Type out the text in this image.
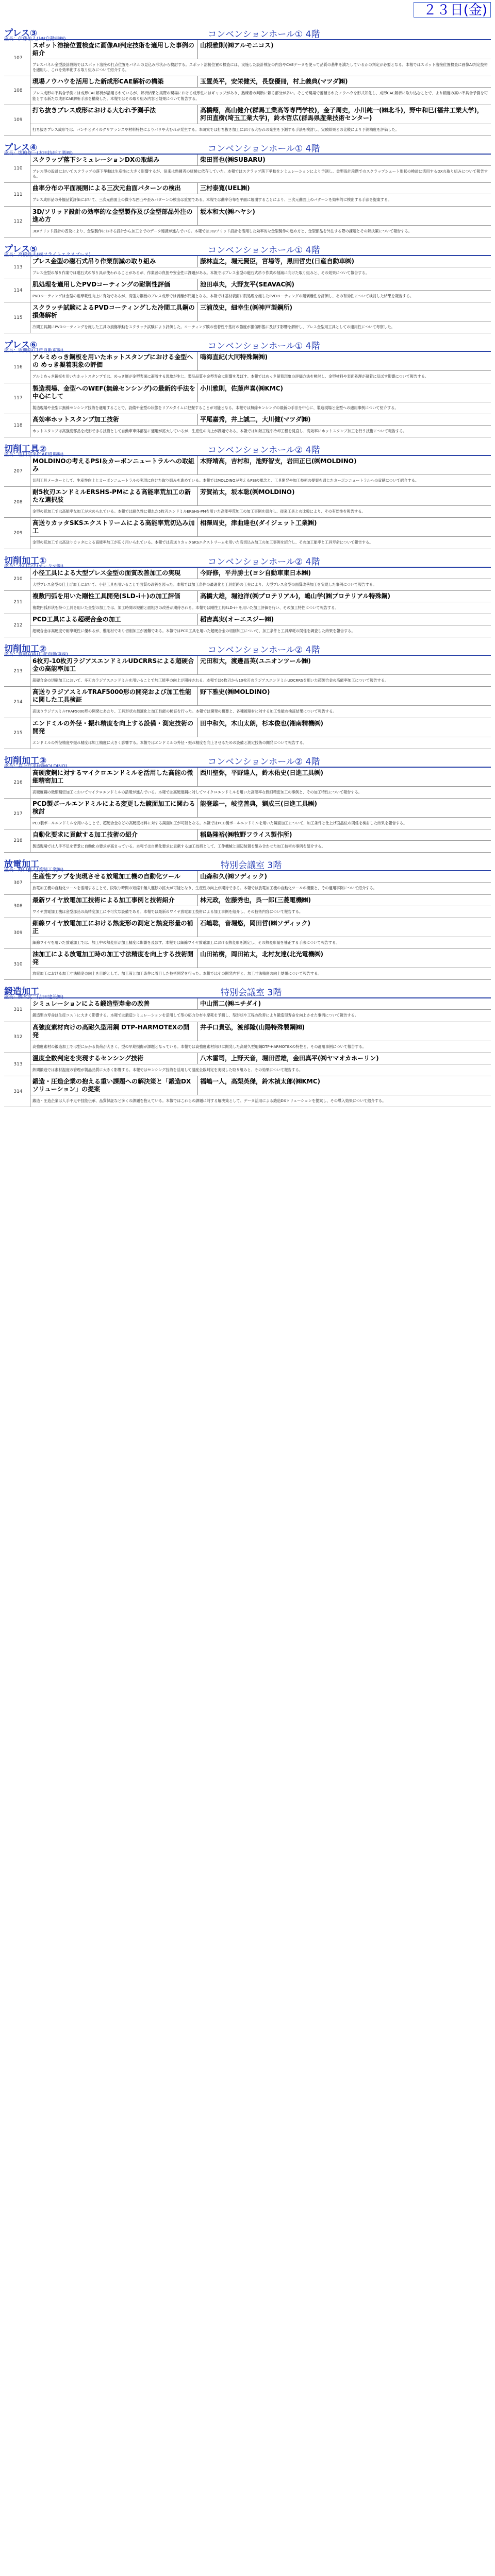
２３日(金)
プレス③
座長：伊藤佑人(ﾄﾖﾀ自動車㈱)	コンベンションホール① 4階
107
スポット溶接位置検査に画像AI判定技術を適用した事例の紹介
山根雅則(㈱アルモニコス)
プレスパネル金型設計段階ではスポット溶接の打点位置をパネルの見込み形状から検討する。スポット溶接位置の検査には、実施した設計検証の内容やCAEデータを使って品質の基準を満たしているかの判定が必要となる。本報ではスポット溶接位置検査に画像AI判定技術を適用し、これを効率化する取り組みについて紹介する。
108
現場ノウハウを活用した新成形CAE解析の構築	玉置英平，安栄健天，長登優冊，村上義典(マツダ㈱)
プレス成形の不具合予測には成形CAE解析が活用されているが、解析結果と実際の現場における成形性にはギャップがあり、熟練者の判断に頼る部分が多い。そこで現場で蓄積されたノウハウを形式知化し、成形CAE解析に取り込むことで、より精度の高い不具合予測を可能とする新たな成形CAE解析手法を構築した。本報ではその取り組み内容と効果について報告する。
109
打ち抜きプレス成形における大むれ予測手法	高橋翔，高山健介(群馬工業高等専門学校)，金子周史，小川純一(㈱北斗)，野中和巳(福井工業大学)，河田直樹(埼玉工業大学)，鈴木哲広(群馬県産業技術センター)
打ち抜きプレス成形では、パンチとダイのクリアランスや材料特性によりバリや大むれが発生する。本研究では打ち抜き加工における大むれの発生を予測する手法を検討し、実験結果との比較により予測精度を評価した。
プレス④
座長：塩飽修一(本田技研工業㈱)	コンベンションホール① 4階
110
スクラップ落下シミュレーションDXの取組み	柴田晋也(㈱SUBARU)
プレス型の設計においてスクラップの落下挙動は生産性に大きく影響するが、従来は熟練者の経験に依存していた。本報ではスクラップ落下挙動をシミュレーションにより予測し、金型設計段階でのスクラップシュート形状の検討に活用するDXの取り組みについて報告する。
111
曲率分布の平面展開による三次元曲面パターンの検出	三村泰寛(UEL㈱)
プレス成形品の外観品質評価において、三次元曲面上の微小な凹凸や歪みパターンの検出は重要である。本報では曲率分布を平面に展開することにより、三次元曲面上のパターンを効率的に検出する手法を提案する。
112
3D/ソリッド設計の効率的な金型製作及び金型部品外注の進め方
坂本和大(㈱ハヤシ)
3D/ソリッド設計の普及により、金型製作における設計から加工までのデータ連携が進んでいる。本報では3D/ソリッド設計を活用した効率的な金型製作の進め方と、金型部品を外注する際の課題とその解決策について報告する。
プレス⑤
座長：高橋鉄夫(㈱フライトエクスプレス)	コンベンションホール① 4階
113
プレス金型の磁石式吊り作業削減の取り組み	藤林直之，堀元賢臣，宮場等，黒田哲史(日産自動車㈱)
プレス金型の吊り作業では磁石式の吊り具が使われることがあるが、作業者の負担や安全性に課題がある。本報ではプレス金型の磁石式吊り作業の削減に向けた取り組みと、その効果について報告する。
114
肌処理を適用したPVDコーティングの耐剥性評価	池田卓夫，大野友平(SEAVAC㈱)
PVDコーティングは金型の耐摩耗性向上に有効であるが、高張力鋼板のプレス成形では剥離が問題となる。本報では基材表面に肌処理を施したPVDコーティングの耐剥離性を評価し、その有効性について検討した結果を報告する。
115
スクラッチ試験によるPVDコーティングした冷間工具鋼の損傷解析
三浦茂史，細幸生(㈱神戸製鋼所)
冷間工具鋼にPVDコーティングを施した工具の損傷挙動をスクラッチ試験により評価した。コーティング膜の密着性や基材の強度が損傷形態に及ぼす影響を解析し、プレス金型用工具としての適用性について考察した。
プレス⑥
座長：坂間皓(日産自動車㈱)	コンベンションホール① 4階
116
アルミめっき鋼板を用いたホットスタンプにおける金型への めっき凝着現象の評価
鳴海直紀(大同特殊鋼㈱)
アルミめっき鋼板を用いたホットスタンプでは、めっき層が金型表面に凝着する現象が生じ、製品品質や金型寿命に影響を及ぼす。本報ではめっき凝着現象の評価方法を検討し、金型材料や表面処理が凝着に及ぼす影響について報告する。
117
製造現場、金型へのWEF(無線センシング)の最新的手法を中心にして
小川雅則，佐藤声喜(㈱KMC)
製造現場や金型に無線センシング技術を適用することで、設備や金型の状態をリアルタイムに把握することが可能となる。本報では無線センシングの最新の手法を中心に、製造現場と金型への適用事例について紹介する。
118
高効率ホットスタンプ加工技術	平尾嘉秀，井上誠二，大川健(マツダ㈱)
ホットスタンプは高強度部品を成形できる技術として自動車車体部品に適用が拡大しているが、生産性の向上が課題である。本報では加熱工程や冷却工程を見直し、高効率にホットスタンプ加工を行う技術について報告する。
切削工具②
座長：塩田浩平(CAE道場㈱)	コンベンションホール② 4階
207
MOLDINOの考えるPSI＆カーボンニュートラルへの取組み
木野靖高，吉村和，池野智支，岩田正巳(㈱MOLDINO)
切削工具メーカーとして、生産性向上とカーボンニュートラルの実現に向けた取り組みを進めている。本報ではMOLDINOが考えるPSIの概念と、工具開発や加工技術の提案を通じたカーボンニュートラルへの貢献について紹介する。
208
耐5枚刃エンドミルERSHS-PMによる高能率荒加工の新たな選択肢
芳賀祐太，坂本聡(㈱MOLDINO)
金型の荒加工では高能率な加工が求められている。本報では耐久性に優れた5枚刃エンドミルERSHS-PMを用いた高能率荒加工の加工事例を紹介し、従来工具との比較により、その有効性を報告する。
209
高送りカッタSKSエクストリームによる高能率荒切込み加工
相澤周史，津曲達也(ダイジェット工業㈱)
金型の荒加工では高送りカッタによる高能率加工が広く用いられている。本報では高送りカッタSKSエクストリームを用いた高切込み加工の加工事例を紹介し、その加工能率と工具寿命について報告する。
切削加工①
座長：小川尚史(オークマ㈱)	コンベンションホール② 4階
210
小径工具による大型プレス金型の面質改善加工の実現	今野修，平井勝士(ヨシ自動車東日本㈱)
大型プレス金型の仕上げ加工において、小径工具を用いることで面質の改善を図った。本報では加工条件の最適化と工具経路の工夫により、大型プレス金型の面質改善加工を実現した事例について報告する。
211
複数円弧を用いた剛性工具開発(SLD-i＋)の加工評価	高橋大雄，堀池洋(㈱プロテリアル)，嶋山学(㈱プロテリアル特殊鋼)
複数円弧形状を持つ工具を用いた金型の加工では、加工時間の短縮と面粗さの改善が期待される。本報では剛性工具SLD-i＋を用いた加工評価を行い、その加工特性について報告する。
212
PCD工具による超硬合金の加工	稲吉真実(オーエスジー㈱)
超硬合金は高硬度で耐摩耗性に優れるが、難削材であり切削加工が困難である。本報ではPCD工具を用いた超硬合金の切削加工について、加工条件と工具摩耗の関係を調査した結果を報告する。
切削加工②
座長：豊嶋直樹(日産自動車㈱)	コンベンションホール② 4階
213
6枚刃-10枚刃ラジアスエンドミルUDCRRSによる超硬合金の高能率加工
元田和大，渡邊昌英(ユニオンツール㈱)
超硬合金の切削加工において、多刃のラジアスエンドミルを用いることで加工能率の向上が期待される。本報では6枚刃から10枚刃のラジアスエンドミルUDCRRSを用いた超硬合金の高能率加工について報告する。
214
高送りラジアスミルTRAF5000形の開発および加工性能に関した工具検証
野下雅史(㈱MOLDINO)
高送りラジアスミルTRAF5000形の開発にあたり、工具形状の最適化と加工性能の検証を行った。本報では開発の概要と、各種被削材に対する加工性能の検証結果について報告する。
215
エンドミルの外径・振れ精度を向上する設備・測定技術の開発
田中和矢，木山太朗，杉本俊也(湘南精機㈱)
エンドミルの外径精度や振れ精度は加工精度に大きく影響する。本報ではエンドミルの外径・振れ精度を向上させるための設備と測定技術の開発について報告する。
切削加工③
座長：井上洋平(㈱MOLDINO)	コンベンションホール② 4階
216
高硬度鋼に対するマイクロエンドミルを活用した高能の微細精密加工
西川聖弥，平野達人，鈴木佑史(日進工具㈱)
高硬度鋼の微細精密加工においてマイクロエンドミルの活用が進んでいる。本報では高硬度鋼に対してマイクロエンドミルを用いた高能率な微細精密加工の事例と、その加工特性について報告する。
217
PCD製ボールエンドミルによる変更した鏡面加工に関わる検討
能登雄一，岐堂善典，劉成三(日進工具㈱)
PCD製ボールエンドミルを用いることで、超硬合金などの高硬度材料に対する鏡面加工が可能となる。本報ではPCD製ボールエンドミルを用いた鏡面加工について、加工条件と仕上げ面品位の関係を検討した結果を報告する。
218
自動化要求に貢献する加工技術の紹介	稲島隆裕(㈱牧野フライス製作所)
製造現場では人手不足を背景に自動化の要求が高まっている。本報では自動化要求に貢献する加工技術として、工作機械と周辺装置を組み合わせた加工技術の事例を紹介する。
放電加工
座長：野口雅人(菱精工業㈱)	特別会議室 3階
307
生産性アップを実現させる放電加工機の自動化ツール	山森和久(㈱ソディック)
放電加工機の自動化ツールを活用することで、段取り時間の短縮や無人運転の拡大が可能となり、生産性の向上が期待できる。本報では放電加工機の自動化ツールの概要と、その適用事例について紹介する。
308
最新ワイヤ放電加工技術による加工事例と技術紹介	林元政，佐藤秀也，呉一郎(三菱電機㈱)
ワイヤ放電加工機は金型部品の高精度加工に不可欠な設備である。本報では最新のワイヤ放電加工技術による加工事例を紹介し、その技術内容について報告する。
309
細線ワイヤ放電加工における熱変形の測定と熱変形量の補正
石嶋聡，音堀悠，岡田哲(㈱ソディック)
細線ワイヤを用いた放電加工では、加工中の熱変形が加工精度に影響を及ぼす。本報では細線ワイヤ放電加工における熱変形を測定し、その熱変形量を補正する手法について報告する。
310
油加工による放電加工時の加工寸法精度を向上する技術開発
山田祐樹，岡田祐太，北村友達(北光電機㈱)
放電加工における加工寸法精度の向上を目的として、加工液と加工条件に着目した技術開発を行った。本報ではその開発内容と、加工寸法精度の向上効果について報告する。
鍛造加工
座長：橋本武二(吉田建設㈱)	特別会議室 3階
311
シミュレーションによる鍛造型寿命の改善	中山雷二(㈱ニチダイ)
鍛造型の寿命は生産コストに大きく影響する。本報では鍛造シミュレーションを活用して型の応力分布や摩耗を予測し、型形状や工程の改善により鍛造型寿命を向上させた事例について報告する。
312
高強度素材向けの高耐久型用鋼 DTP-HARMOTEXの開発
井手口貴弘，渡部隆(山陽特殊製鋼㈱)
高強度素材の鍛造加工では型にかかる負荷が大きく、型の早期損傷が課題となっている。本報では高強度素材向けに開発した高耐久型用鋼DTP-HARMOTEXの特性と、その適用事例について報告する。
313
温度全数判定を実現するセンシング技術	八木雷司，上野天音，堀田哲雄，金田真平(㈱ヤマオカホーリン)
熱間鍛造では素材温度の管理が製品品質に大きく影響する。本報ではセンシング技術を活用して温度全数判定を実現した取り組みと、その効果について報告する。
314
鍛造・圧造企業の抱える重い課題への解決策と「鍛造DXソリューション」の提案
福嶋一人，高梨英傑，鈴木禎太郎(㈱KMC)
鍛造・圧造企業は人手不足や技能伝承、品質保証など多くの課題を抱えている。本報ではこれらの課題に対する解決策として、データ活用による鍛造DXソリューションを提案し、その導入効果について紹介する。
